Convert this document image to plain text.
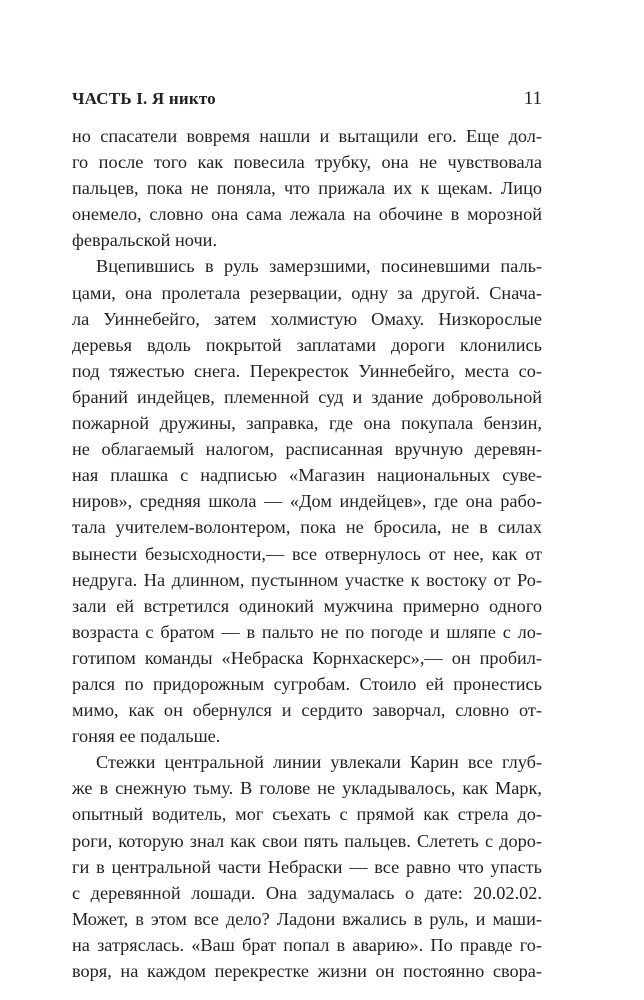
ЧАСТЬ I. Я никто	11
но спасатели вовремя нашли и вытащили его. Еще дол-
го после того как повесила трубку, она не чувствовала
пальцев, пока не поняла, что прижала их к щекам. Лицо
онемело, словно она сама лежала на обочине в морозной
февральской ночи.
Вцепившись в руль замерзшими, посиневшими паль-
цами, она пролетала резервации, одну за другой. Снача-
ла Уиннебейго, затем холмистую Омаху. Низкорослые
деревья вдоль покрытой заплатами дороги клонились
под тяжестью снега. Перекресток Уиннебейго, места со-
браний индейцев, племенной суд и здание добровольной
пожарной дружины, заправка, где она покупала бензин,
не облагаемый налогом, расписанная вручную деревян-
ная плашка с надписью «Магазин национальных суве-
ниров», средняя школа — «Дом индейцев», где она рабо-
тала учителем-волонтером, пока не бросила, не в силах
вынести безысходности,— все отвернулось от нее, как от
недруга. На длинном, пустынном участке к востоку от Ро-
зали ей встретился одинокий мужчина примерно одного
возраста с братом — в пальто не по погоде и шляпе с ло-
готипом команды «Небраска Корнхаскерс»,— он пробил-
рался по придорожным сугробам. Стоило ей пронестись
мимо, как он обернулся и сердито заворчал, словно от-
гоняя ее подальше.
Стежки центральной линии увлекали Карин все глуб-
же в снежную тьму. В голове не укладывалось, как Марк,
опытный водитель, мог съехать с прямой как стрела до-
роги, которую знал как свои пять пальцев. Слететь с доро-
ги в центральной части Небраски — все равно что упасть
с деревянной лошади. Она задумалась о дате: 20.02.02.
Может, в этом все дело? Ладони вжались в руль, и маши-
на затряслась. «Ваш брат попал в аварию». По правде го-
воря, на каждом перекрестке жизни он постоянно свора-
